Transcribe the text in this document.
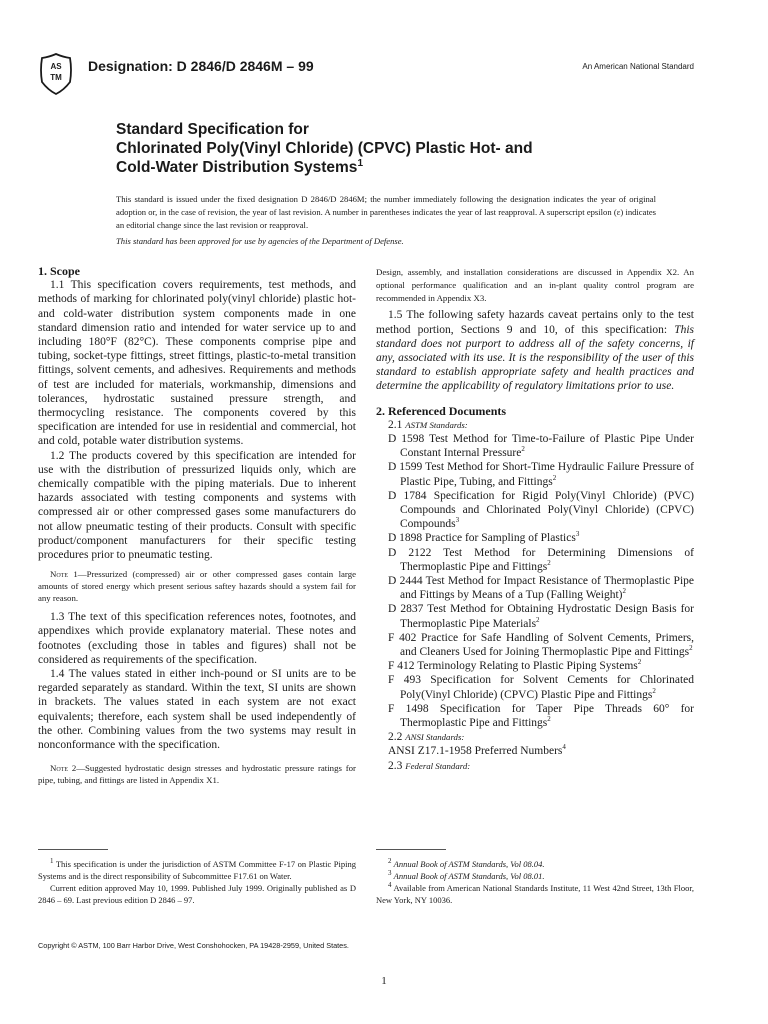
AS
TM
Designation: D 2846/D 2846M – 99	An American National Standard
Standard Specification for
Chlorinated Poly(Vinyl Chloride) (CPVC) Plastic Hot- and
Cold-Water Distribution Systems$^1$
This standard is issued under the fixed designation D 2846/D 2846M; the number immediately following the designation indicates the year of original adoption or, in the case of revision, the year of last revision. A number in parentheses indicates the year of last reapproval. A superscript epsilon (ε) indicates an editorial change since the last revision or reapproval.
This standard has been approved for use by agencies of the Department of Defense.

1. Scope

1.1 This specification covers requirements, test methods, and methods of marking for chlorinated poly(vinyl chloride) plastic hot- and cold-water distribution system components made in one standard dimension ratio and intended for water service up to and including 180°F (82°C). These components comprise pipe and tubing, socket-type fittings, street fittings, plastic-to-metal transition fittings, solvent cements, and adhesives. Requirements and methods of test are included for materials, workmanship, dimensions and tolerances, hydrostatic sustained pressure strength, and thermocycling resistance. The components covered by this specification are intended for use in residential and commercial, hot and cold, potable water distribution systems.

1.2 The products covered by this specification are intended for use with the distribution of pressurized liquids only, which are chemically compatible with the piping materials. Due to inherent hazards associated with testing components and systems with compressed air or other compressed gases some manufacturers do not allow pneumatic testing of their products. Consult with specific product/component manufacturers for their specific testing procedures prior to pneumatic testing.

Note 1—Pressurized (compressed) air or other compressed gases contain large amounts of stored energy which present serious saftey hazards should a system fail for any reason.

1.3 The text of this specification references notes, footnotes, and appendixes which provide explanatory material. These notes and footnotes (excluding those in tables and figures) shall not be considered as requirements of the specification.

1.4 The values stated in either inch-pound or SI units are to be regarded separately as standard. Within the text, SI units are shown in brackets. The values stated in each system are not exact equivalents; therefore, each system shall be used independently of the other. Combining values from the two systems may result in nonconformance with the specification.

Note 2—Suggested hydrostatic design stresses and hydrostatic pressure ratings for pipe, tubing, and fittings are listed in Appendix X1.

Design, assembly, and installation considerations are discussed in Appendix X2. An optional performance qualification and an in-plant quality control program are recommended in Appendix X3.

1.5 The following safety hazards caveat pertains only to the test method portion, Sections 9 and 10, of this specification: This standard does not purport to address all of the safety concerns, if any, associated with its use. It is the responsibility of the user of this standard to establish appropriate safety and health practices and determine the applicability of regulatory limitations prior to use.

2. Referenced Documents

2.1 ASTM Standards:

D 1598 Test Method for Time-to-Failure of Plastic Pipe Under Constant Internal Pressure$^2$

D 1599 Test Method for Short-Time Hydraulic Failure Pressure of Plastic Pipe, Tubing, and Fittings$^2$

D 1784 Specification for Rigid Poly(Vinyl Chloride) (PVC) Compounds and Chlorinated Poly(Vinyl Chloride) (CPVC) Compounds$^3$

D 1898 Practice for Sampling of Plastics$^3$

D 2122 Test Method for Determining Dimensions of Thermoplastic Pipe and Fittings$^2$

D 2444 Test Method for Impact Resistance of Thermoplastic Pipe and Fittings by Means of a Tup (Falling Weight)$^2$

D 2837 Test Method for Obtaining Hydrostatic Design Basis for Thermoplastic Pipe Materials$^2$

F 402 Practice for Safe Handling of Solvent Cements, Primers, and Cleaners Used for Joining Thermoplastic Pipe and Fittings$^2$

F 412 Terminology Relating to Plastic Piping Systems$^2$

F 493 Specification for Solvent Cements for Chlorinated Poly(Vinyl Chloride) (CPVC) Plastic Pipe and Fittings$^2$

F 1498 Specification for Taper Pipe Threads 60° for Thermoplastic Pipe and Fittings$^2$

2.2 ANSI Standards:

ANSI Z17.1-1958 Preferred Numbers$^4$

2.3 Federal Standard:

$^1$ This specification is under the jurisdiction of ASTM Committee F-17 on Plastic Piping Systems and is the direct responsibility of Subcommittee F17.61 on Water.

Current edition approved May 10, 1999. Published July 1999. Originally published as D 2846 – 69. Last previous edition D 2846 – 97.

$^2$ Annual Book of ASTM Standards, Vol 08.04.

$^3$ Annual Book of ASTM Standards, Vol 08.01.

$^4$ Available from American National Standards Institute, 11 West 42nd Street, 13th Floor, New York, NY 10036.

Copyright © ASTM, 100 Barr Harbor Drive, West Conshohocken, PA 19428-2959, United States.
1
